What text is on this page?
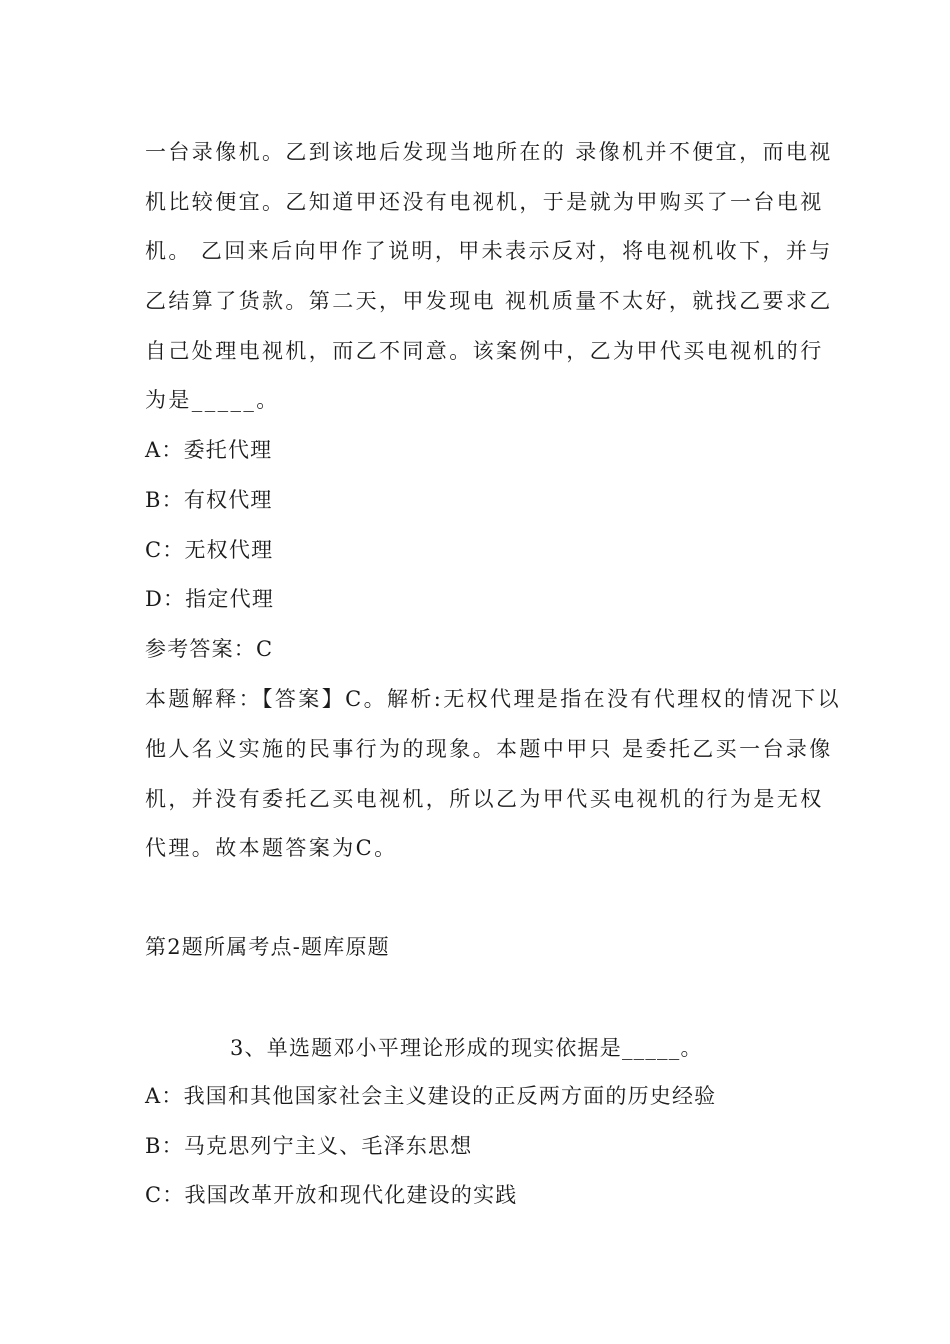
一台录像机。乙到该地后发现当地所在的 录像机并不便宜，而电视
机比较便宜。乙知道甲还没有电视机，于是就为甲购买了一台电视
机。 乙回来后向甲作了说明，甲未表示反对，将电视机收下，并与
乙结算了货款。第二天，甲发现电 视机质量不太好，就找乙要求乙
自己处理电视机，而乙不同意。该案例中，乙为甲代买电视机的行
为是_____。
A：委托代理
B：有权代理
C：无权代理
D：指定代理
参考答案：C
本题解释：【答案】C。解析:无权代理是指在没有代理权的情况下以
他人名义实施的民事行为的现象。本题中甲只 是委托乙买一台录像
机，并没有委托乙买电视机，所以乙为甲代买电视机的行为是无权
代理。故本题答案为C。
第2题所属考点-题库原题
3、单选题邓小平理论形成的现实依据是_____。
A：我国和其他国家社会主义建设的正反两方面的历史经验
B：马克思列宁主义、毛泽东思想
C：我国改革开放和现代化建设的实践
